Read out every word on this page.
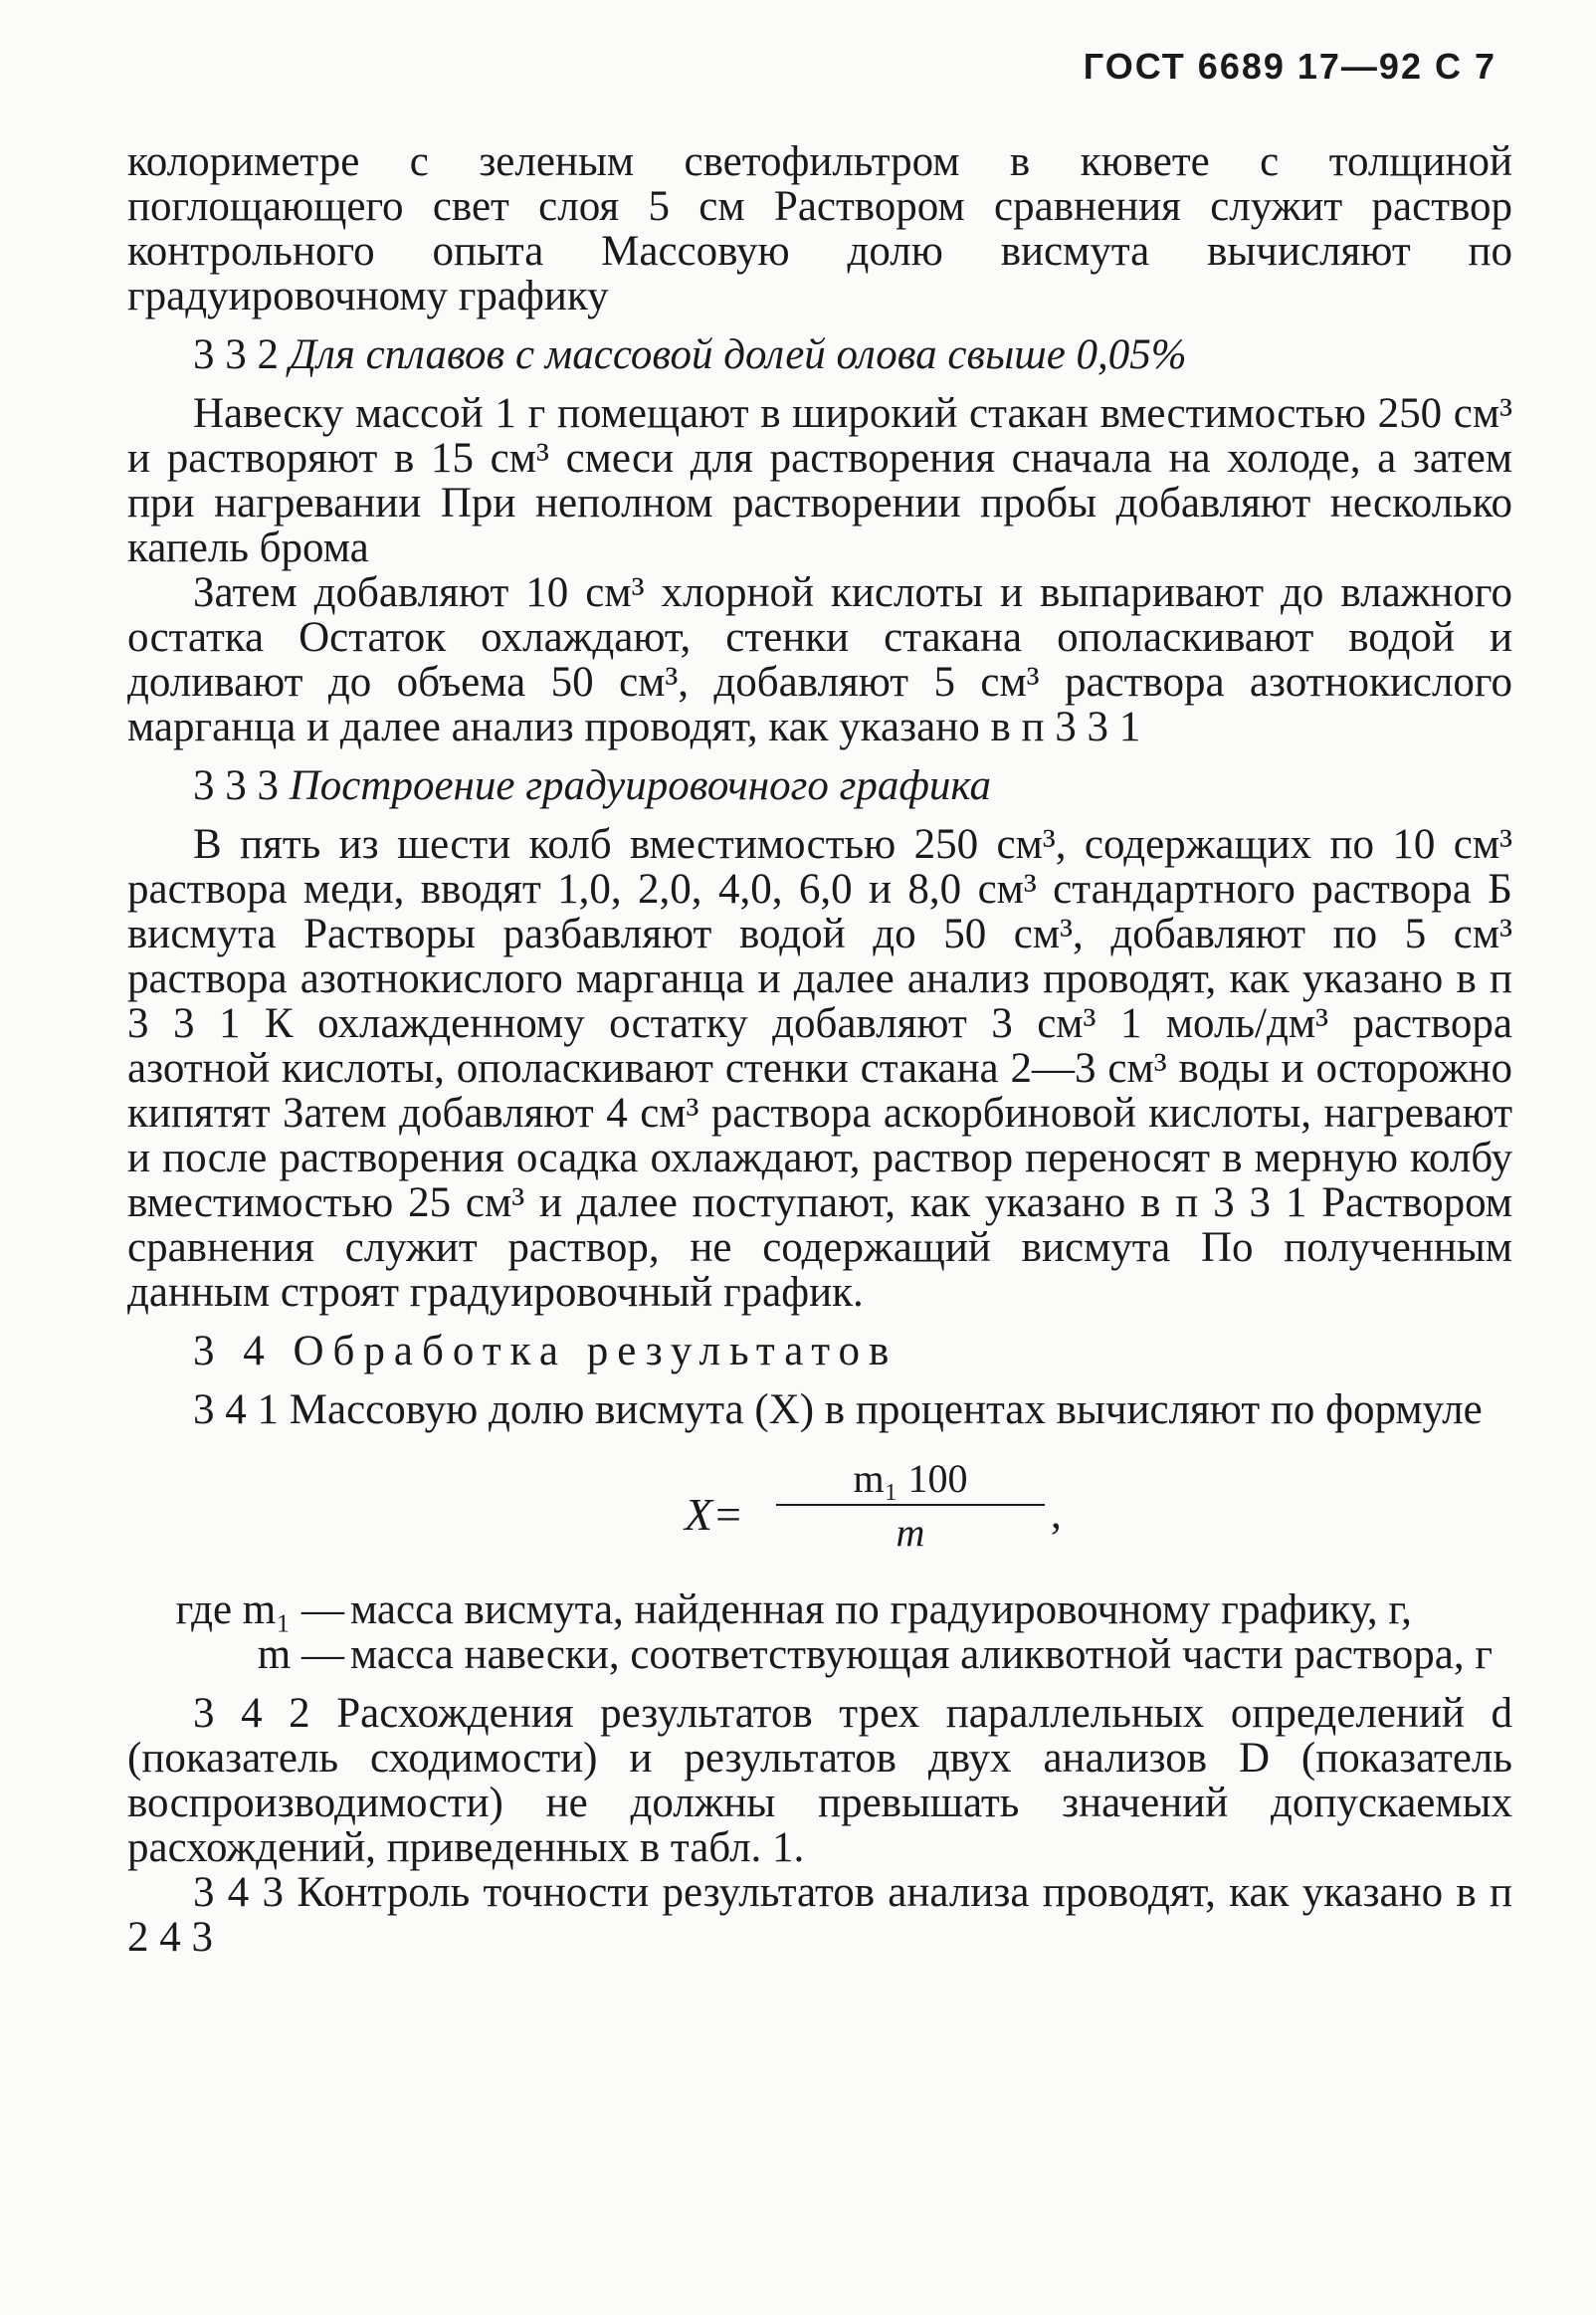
ГОСТ 6689 17—92 С 7

колориметре с зеленым светофильтром в кювете с толщиной поглощающего свет слоя 5 см Раствором сравнения служит раствор контрольного опыта Массовую долю висмута вычисляют по градуировочному графику

3 3 2 Для сплавов с массовой долей олова свыше 0,05%

Навеску массой 1 г помещают в широкий стакан вместимостью 250 см³ и растворяют в 15 см³ смеси для растворения сначала на холоде, а затем при нагревании При неполном растворении пробы добавляют несколько капель брома

Затем добавляют 10 см³ хлорной кислоты и выпаривают до влажного остатка Остаток охлаждают, стенки стакана ополаскивают водой и доливают до объема 50 см³, добавляют 5 см³ раствора азотнокислого марганца и далее анализ проводят, как указано в п 3 3 1

3 3 3 Построение градуировочного графика

В пять из шести колб вместимостью 250 см³, содержащих по 10 см³ раствора меди, вводят 1,0, 2,0, 4,0, 6,0 и 8,0 см³ стандартного раствора Б висмута Растворы разбавляют водой до 50 см³, добавляют по 5 см³ раствора азотнокислого марганца и далее анализ проводят, как указано в п 3 3 1 К охлажденному остатку добавляют 3 см³ 1 моль/дм³ раствора азотной кислоты, ополаскивают стенки стакана 2—3 см³ воды и осторожно кипятят Затем добавляют 4 см³ раствора аскорбиновой кислоты, нагревают и после растворения осадка охлаждают, раствор переносят в мерную колбу вместимостью 25 см³ и далее поступают, как указано в п 3 3 1 Раствором сравнения служит раствор, не содержащий висмута По полученным данным строят градуировочный график.

3 4 Обработка результатов

3 4 1 Массовую долю висмута (X) в процентах вычисляют по формуле

X=
m₁ 100
m	,
где m₁ — масса висмута, найденная по градуировочному графику, г,
m — масса навески, соответствующая аликвотной части раствора, г

3 4 2 Расхождения результатов трех параллельных определений d (показатель сходимости) и результатов двух анализов D (показатель воспроизводимости) не должны превышать значений допускаемых расхождений, приведенных в табл. 1.

3 4 3 Контроль точности результатов анализа проводят, как указано в п 2 4 3
